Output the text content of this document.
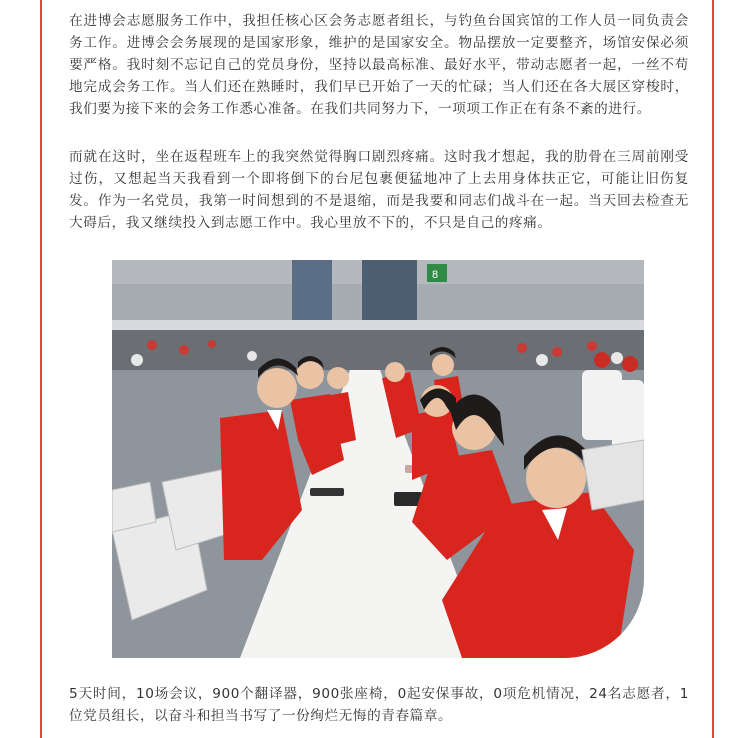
在进博会志愿服务工作中，我担任核心区会务志愿者组长，与钓鱼台国宾馆的工作人员一同负责会务工作。进博会会务展现的是国家形象，维护的是国家安全。物品摆放一定要整齐，场馆安保必须要严格。我时刻不忘记自己的党员身份，坚持以最高标准、最好水平，带动志愿者一起，一丝不苟地完成会务工作。当人们还在熟睡时，我们早已开始了一天的忙碌；当人们还在各大展区穿梭时，我们要为接下来的会务工作悉心准备。在我们共同努力下，一项项工作正在有条不紊的进行。

而就在这时，坐在返程班车上的我突然觉得胸口剧烈疼痛。这时我才想起，我的肋骨在三周前刚受过伤，又想起当天我看到一个即将倒下的台尼包裹便猛地冲了上去用身体扶正它，可能让旧伤复发。作为一名党员，我第一时间想到的不是退缩，而是我要和同志们战斗在一起。当天回去检查无大碍后，我又继续投入到志愿工作中。我心里放不下的，不只是自己的疼痛。

8

5天时间，10场会议，900个翻译器，900张座椅，0起安保事故，0项危机情况，24名志愿者，1位党员组长，以奋斗和担当书写了一份绚烂无悔的青春篇章。
